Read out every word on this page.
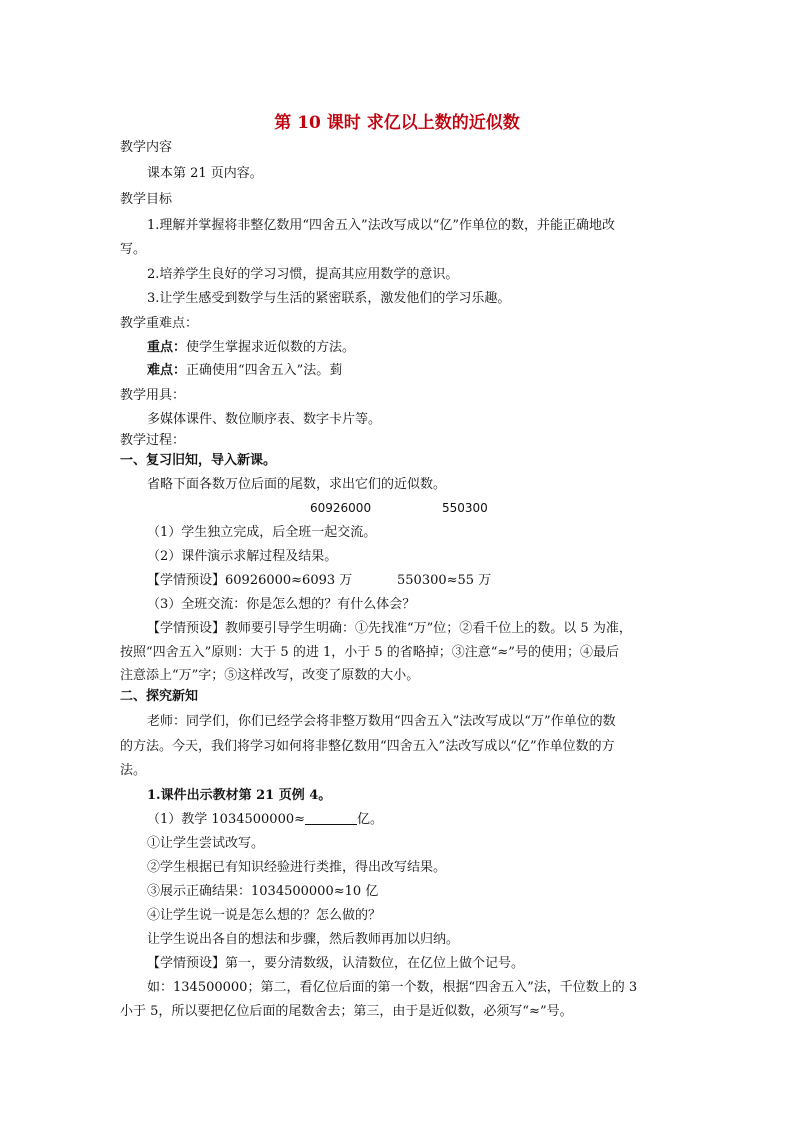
第 10 课时 求亿以上数的近似数
教学内容
课本第 21 页内容。
教学目标
1.理解并掌握将非整亿数用“四舍五入”法改写成以“亿”作单位的数，并能正确地改
写。
2.培养学生良好的学习习惯，提高其应用数学的意识。
3.让学生感受到数学与生活的紧密联系，激发他们的学习乐趣。
教学重难点：
重点：使学生掌握求近似数的方法。
难点：正确使用“四舍五入”法。菿
教学用具：
多媒体课件、数位顺序表、数字卡片等。
教学过程：
一、复习旧知，导入新课。
省略下面各数万位后面的尾数，求出它们的近似数。
60926000	550300
（1）学生独立完成，后全班一起交流。
（2）课件演示求解过程及结果。
【学情预设】60926000≈6093 万	550300≈55 万
（3）全班交流：你是怎么想的？有什么体会？
【学情预设】教师要引导学生明确：①先找准“万”位；②看千位上的数。以 5 为准，
按照“四舍五入”原则：大于 5 的进 1，小于 5 的省略掉；③注意“≈”号的使用；④最后
注意添上“万”字；⑤这样改写，改变了原数的大小。
二、探究新知
老师：同学们，你们已经学会将非整万数用“四舍五入”法改写成以“万”作单位的数
的方法。今天，我们将学习如何将非整亿数用“四舍五入”法改写成以“亿”作单位数的方
法。
1.课件出示教材第 21 页例 4。
（1）教学 1034500000≈	亿。
①让学生尝试改写。
②学生根据已有知识经验进行类推，得出改写结果。
③展示正确结果：1034500000≈10 亿
④让学生说一说是怎么想的？怎么做的？
让学生说出各自的想法和步骤，然后教师再加以归纳。
【学情预设】第一，要分清数级，认清数位，在亿位上做个记号。
如：134500000；第二，看亿位后面的第一个数，根据“四舍五入”法，千位数上的 3
小于 5，所以要把亿位后面的尾数舍去；第三，由于是近似数，必须写“≈”号。
